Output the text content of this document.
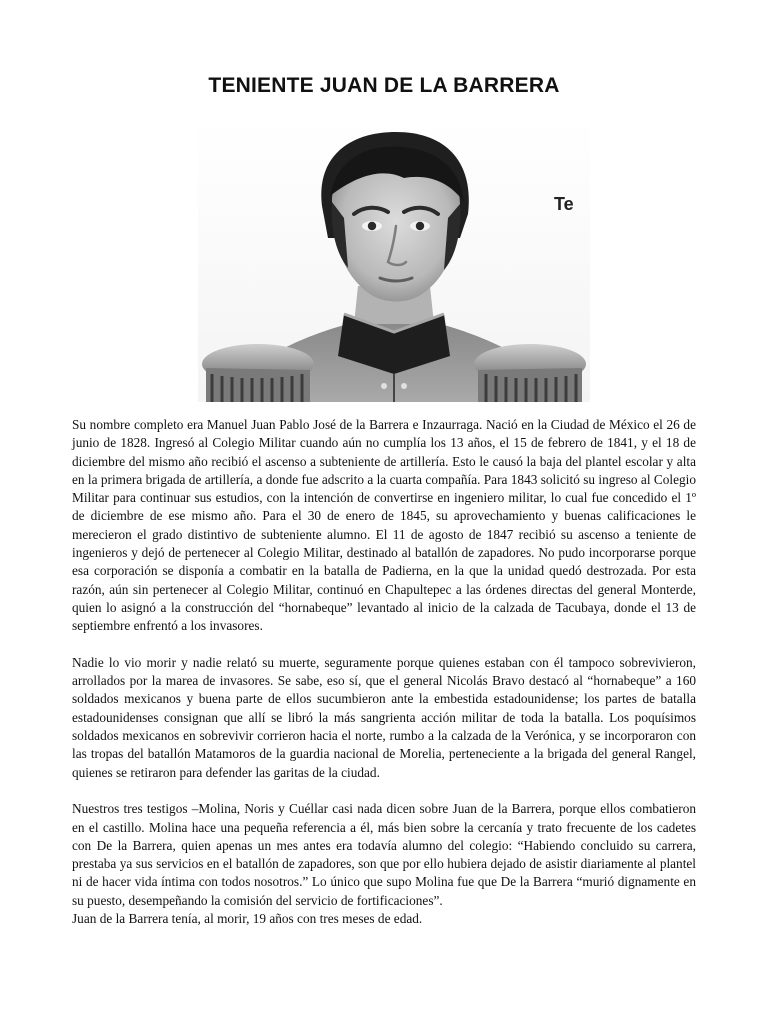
TENIENTE JUAN DE LA BARRERA
Te

Su nombre completo era Manuel Juan Pablo José de la Barrera e Inzaurraga. Nació en la Ciudad de México el 26 de junio de 1828. Ingresó al Colegio Militar cuando aún no cumplía los 13 años, el 15 de febrero de 1841, y el 18 de diciembre del mismo año recibió el ascenso a subteniente de artillería. Esto le causó la baja del plantel escolar y alta en la primera brigada de artillería, a donde fue adscrito a la cuarta compañía. Para 1843 solicitó su ingreso al Colegio Militar para continuar sus estudios, con la intención de convertirse en ingeniero militar, lo cual fue concedido el 1º de diciembre de ese mismo año. Para el 30 de enero de 1845, su aprovechamiento y buenas calificaciones le merecieron el grado distintivo de subteniente alumno. El 11 de agosto de 1847 recibió su ascenso a teniente de ingenieros y dejó de pertenecer al Colegio Militar, destinado al batallón de zapadores. No pudo incorporarse porque esa corporación se disponía a combatir en la batalla de Padierna, en la que la unidad quedó destrozada. Por esta razón, aún sin pertenecer al Colegio Militar, continuó en Chapultepec a las órdenes directas del general Monterde, quien lo asignó a la construcción del “hornabeque” levantado al inicio de la calzada de Tacubaya, donde el 13 de septiembre enfrentó a los invasores.

Nadie lo vio morir y nadie relató su muerte, seguramente porque quienes estaban con él tampoco sobrevivieron, arrollados por la marea de invasores. Se sabe, eso sí, que el general Nicolás Bravo destacó al “hornabeque” a 160 soldados mexicanos y buena parte de ellos sucumbieron ante la embestida estadounidense; los partes de batalla estadounidenses consignan que allí se libró la más sangrienta acción militar de toda la batalla. Los poquísimos soldados mexicanos en sobrevivir corrieron hacia el norte, rumbo a la calzada de la Verónica, y se incorporaron con las tropas del batallón Matamoros de la guardia nacional de Morelia, perteneciente a la brigada del general Rangel, quienes se retiraron para defender las garitas de la ciudad.

Nuestros tres testigos –Molina, Noris y Cuéllar casi nada dicen sobre Juan de la Barrera, porque ellos combatieron en el castillo. Molina hace una pequeña referencia a él, más bien sobre la cercanía y trato frecuente de los cadetes con De la Barrera, quien apenas un mes antes era todavía alumno del colegio: “Habiendo concluido su carrera, prestaba ya sus servicios en el batallón de zapadores, son que por ello hubiera dejado de asistir diariamente al plantel ni de hacer vida íntima con todos nosotros.” Lo único que supo Molina fue que De la Barrera “murió dignamente en su puesto, desempeñando la comisión del servicio de fortificaciones”.

Juan de la Barrera tenía, al morir, 19 años con tres meses de edad.
